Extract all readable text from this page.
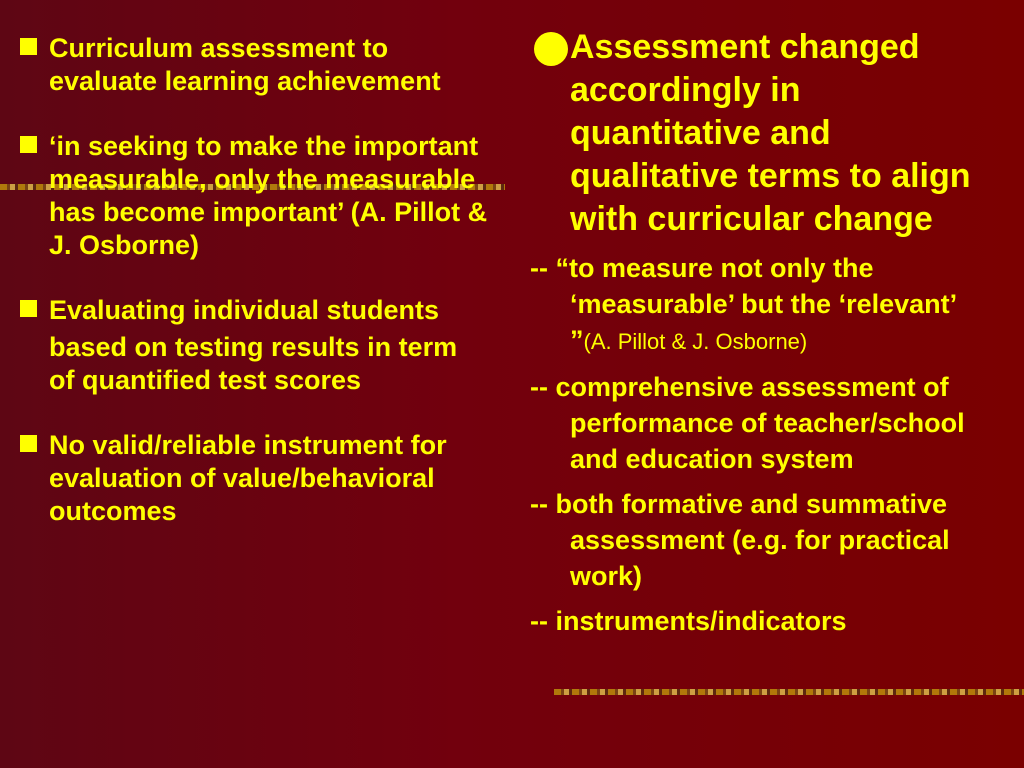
Curriculum assessment to evaluate learning achievement
‘in seeking to make the important measurable, only the measurable has become important’ (A. Pillot & J. Osborne)
Evaluating individual students
based on testing results in term of quantified test scores
No valid/reliable instrument for evaluation of value/behavioral outcomes
Assessment changed accordingly in quantitative and qualitative terms to align with curricular change
-- “to measure not only the ‘measurable’ but the ‘relevant’ ”(A. Pillot & J. Osborne)
-- comprehensive assessment of performance of teacher/school and education system
-- both formative and summative assessment (e.g. for practical work)
-- instruments/indicators
